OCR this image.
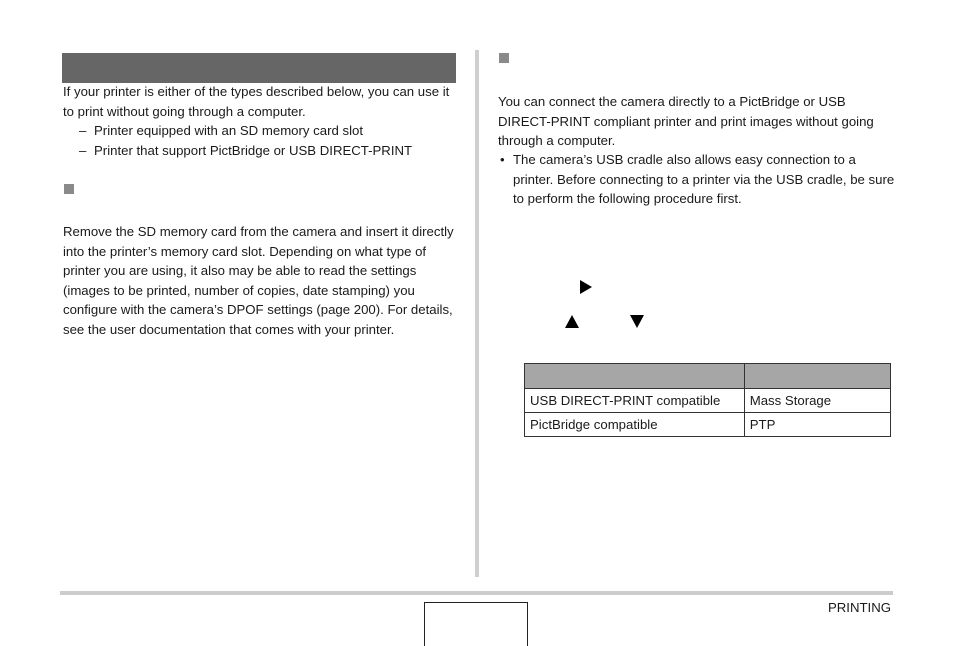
If your printer is either of the types described below, you can use it to print without going through a computer.

– Printer equipped with an SD memory card slot
– Printer that support PictBridge or USB DIRECT-PRINT

Remove the SD memory card from the camera and insert it directly into the printer’s memory card slot. Depending on what type of printer you are using, it also may be able to read the settings (images to be printed, number of copies, date stamping) you configure with the camera’s DPOF settings (page 200). For details, see the user documentation that comes with your printer.

You can connect the camera directly to a PictBridge or USB DIRECT-PRINT compliant printer and print images without going through a computer.

• The camera’s USB cradle also allows easy connection to a printer. Before connecting to a printer via the USB cradle, be sure to perform the following procedure first.

USB DIRECT-PRINT compatible	Mass Storage
PictBridge compatible	PTP
PRINTING
